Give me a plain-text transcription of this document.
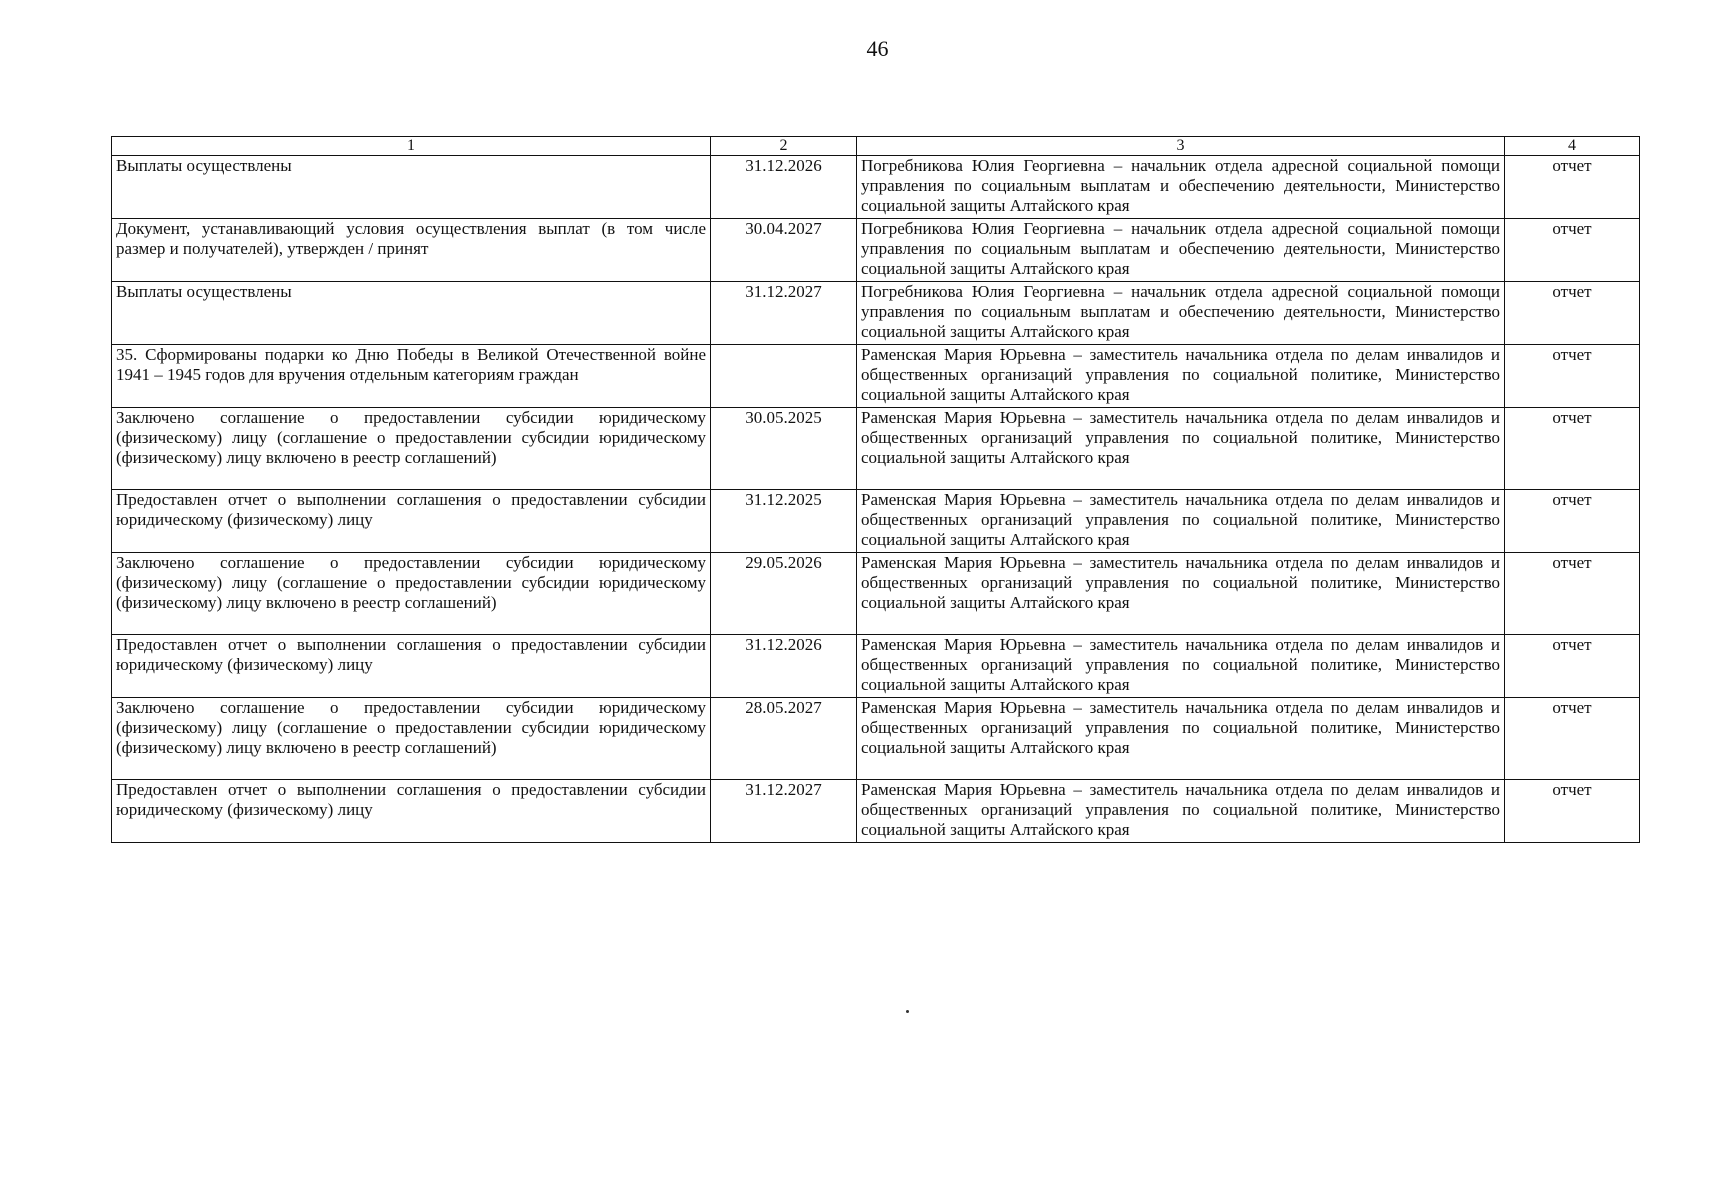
46
1	2	3	4
Выплаты осуществлены	31.12.2026	Погребникова Юлия Георгиевна – начальник отдела адресной социальной помощи управления по социальным выплатам и обеспечению деятельности, Министерство социальной защиты Алтайского края	отчет
Документ, устанавливающий условия осуществления выплат (в том числе размер и получателей), утвержден / принят	30.04.2027	Погребникова Юлия Георгиевна – начальник отдела адресной социальной помощи управления по социальным выплатам и обеспечению деятельности, Министерство социальной защиты Алтайского края	отчет
Выплаты осуществлены	31.12.2027	Погребникова Юлия Георгиевна – начальник отдела адресной социальной помощи управления по социальным выплатам и обеспечению деятельности, Министерство социальной защиты Алтайского края	отчет
35. Сформированы подарки ко Дню Победы в Великой Отечественной войне 1941 – 1945 годов для вручения отдельным категориям граждан		Раменская Мария Юрьевна – заместитель начальника отдела по делам инвалидов и общественных организаций управления по социальной политике, Министерство социальной защиты Алтайского края	отчет
Заключено соглашение о предоставлении субсидии юридическому (физическому) лицу (соглашение о предоставлении субсидии юридическому (физическому) лицу включено в реестр соглашений)	30.05.2025	Раменская Мария Юрьевна – заместитель начальника отдела по делам инвалидов и общественных организаций управления по социальной политике, Министерство социальной защиты Алтайского края	отчет
Предоставлен отчет о выполнении соглашения о предоставлении субсидии юридическому (физическому) лицу	31.12.2025	Раменская Мария Юрьевна – заместитель начальника отдела по делам инвалидов и общественных организаций управления по социальной политике, Министерство социальной защиты Алтайского края	отчет
Заключено соглашение о предоставлении субсидии юридическому (физическому) лицу (соглашение о предоставлении субсидии юридическому (физическому) лицу включено в реестр соглашений)	29.05.2026	Раменская Мария Юрьевна – заместитель начальника отдела по делам инвалидов и общественных организаций управления по социальной политике, Министерство социальной защиты Алтайского края	отчет
Предоставлен отчет о выполнении соглашения о предоставлении субсидии юридическому (физическому) лицу	31.12.2026	Раменская Мария Юрьевна – заместитель начальника отдела по делам инвалидов и общественных организаций управления по социальной политике, Министерство социальной защиты Алтайского края	отчет
Заключено соглашение о предоставлении субсидии юридическому (физическому) лицу (соглашение о предоставлении субсидии юридическому (физическому) лицу включено в реестр соглашений)	28.05.2027	Раменская Мария Юрьевна – заместитель начальника отдела по делам инвалидов и общественных организаций управления по социальной политике, Министерство социальной защиты Алтайского края	отчет
Предоставлен отчет о выполнении соглашения о предоставлении субсидии юридическому (физическому) лицу	31.12.2027	Раменская Мария Юрьевна – заместитель начальника отдела по делам инвалидов и общественных организаций управления по социальной политике, Министерство социальной защиты Алтайского края	отчет
